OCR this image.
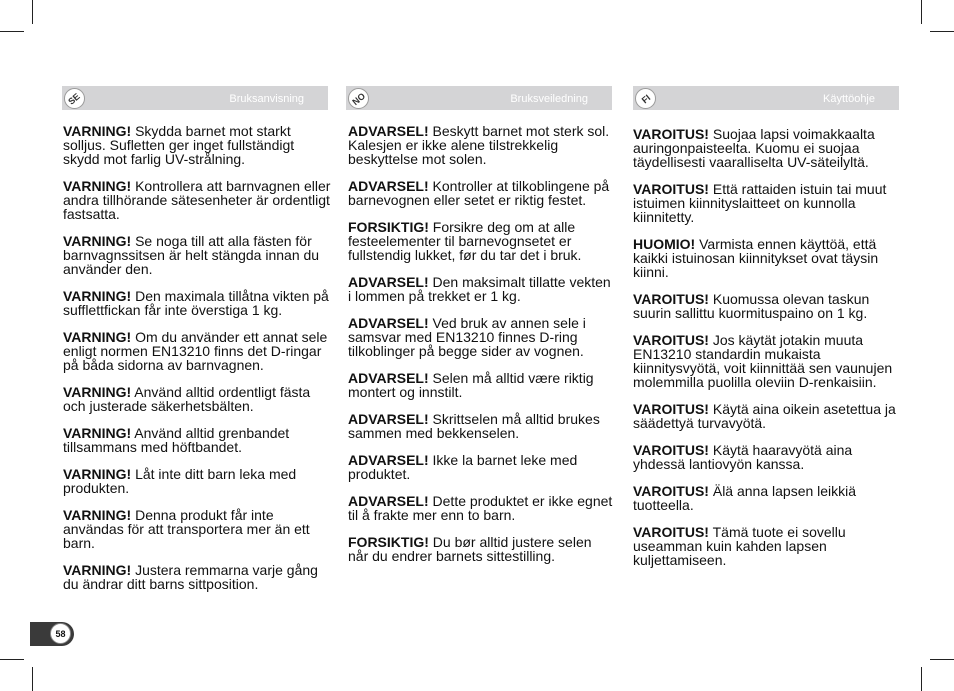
SE	Bruksanvisning	NO	Bruksveiledning	FI	Käyttöohje

VARNING! Skydda barnet mot starkt solljus. Sufletten ger inget fullständigt skydd mot farlig UV-strålning.

VARNING! Kontrollera att barnvagnen eller andra tillhörande sätesenheter är ordentligt fastsatta.

VARNING! Se noga till att alla fästen för barnvagnssitsen är helt stängda innan du använder den.

VARNING! Den maximala tillåtna vikten på sufflettfickan får inte överstiga 1 kg.

VARNING! Om du använder ett annat sele enligt normen EN13210 finns det D-ringar på båda sidorna av barnvagnen.

VARNING! Använd alltid ordentligt fästa och justerade säkerhetsbälten.

VARNING! Använd alltid grenbandet tillsammans med höftbandet.

VARNING! Låt inte ditt barn leka med produkten.

VARNING! Denna produkt får inte användas för att transportera mer än ett barn.

VARNING! Justera remmarna varje gång du ändrar ditt barns sittposition.

ADVARSEL! Beskytt barnet mot sterk sol. Kalesjen er ikke alene tilstrekkelig beskyttelse mot solen.

ADVARSEL! Kontroller at tilkoblingene på barnevognen eller setet er riktig festet.

FORSIKTIG! Forsikre deg om at alle festeelementer til barnevognsetet er fullstendig lukket, før du tar det i bruk.

ADVARSEL! Den maksimalt tillatte vekten i lommen på trekket er 1 kg.

ADVARSEL! Ved bruk av annen sele i samsvar med EN13210 finnes D-ring tilkoblinger på begge sider av vognen.

ADVARSEL! Selen må alltid være riktig montert og innstilt.

ADVARSEL! Skrittselen må alltid brukes sammen med bekkenselen.

ADVARSEL! Ikke la barnet leke med produktet.

ADVARSEL! Dette produktet er ikke egnet til å frakte mer enn to barn.

FORSIKTIG! Du bør alltid justere selen når du endrer barnets sittestilling.

VAROITUS! Suojaa lapsi voimakkaalta auringonpaisteelta. Kuomu ei suojaa täydellisesti vaaralliselta UV-säteilyltä.

VAROITUS! Että rattaiden istuin tai muut istuimen kiinnityslaitteet on kunnolla kiinnitetty.

HUOMIO! Varmista ennen käyttöä, että kaikki istuinosan kiinnitykset ovat täysin kiinni.

VAROITUS! Kuomussa olevan taskun suurin sallittu kuormituspaino on 1 kg.

VAROITUS! Jos käytät jotakin muuta EN13210 standardin mukaista kiinnitysvyötä, voit kiinnittää sen vaunujen molemmilla puolilla oleviin D-renkaisiin.

VAROITUS! Käytä aina oikein asetettua ja säädettyä turvavyötä.

VAROITUS! Käytä haaravyötä aina yhdessä lantiovyön kanssa.

VAROITUS! Älä anna lapsen leikkiä tuotteella.

VAROITUS! Tämä tuote ei sovellu useamman kuin kahden lapsen kuljettamiseen.

58
